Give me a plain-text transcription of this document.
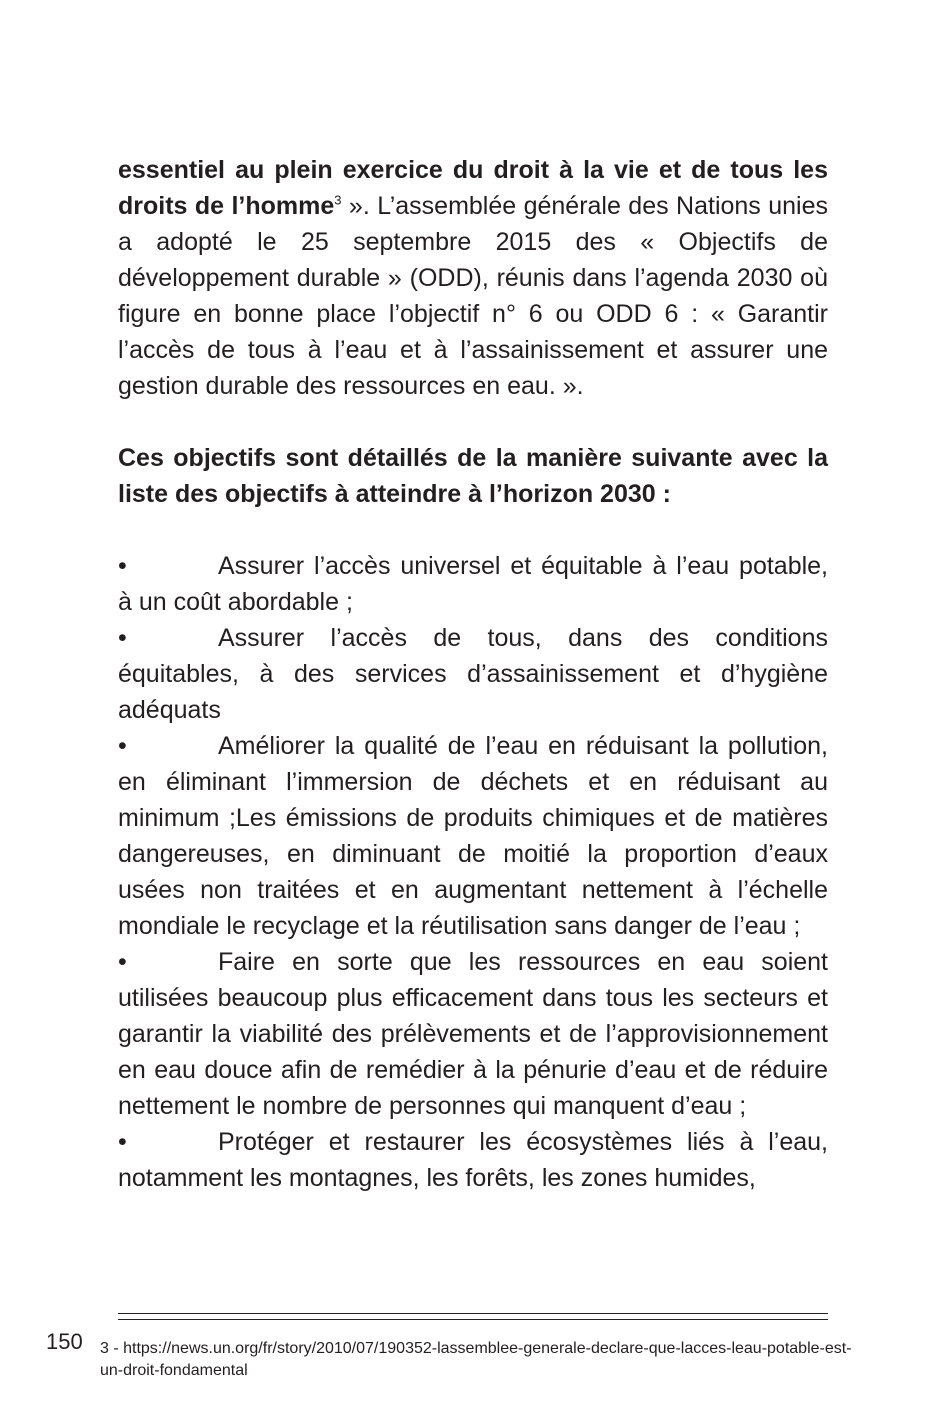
essentiel au plein exercice du droit à la vie et de tous les droits de l’homme$^3$ ». L’assemblée générale des Nations unies a adopté le 25 septembre 2015 des « Objectifs de développement durable » (ODD), réunis dans l’agenda 2030 où figure en bonne place l’objectif n° 6 ou ODD 6 : « Garantir l’accès de tous à l’eau et à l’assainissement et assurer une gestion durable des ressources en eau. ».

Ces objectifs sont détaillés de la manière suivante avec la liste des objectifs à atteindre à l’horizon 2030 :

•	Assurer l’accès universel et équitable à l’eau potable, à un coût abordable ;
•	Assurer l’accès de tous, dans des conditions équitables, à des services d’assainissement et d’hygiène adéquats
•	Améliorer la qualité de l’eau en réduisant la pollution, en éliminant l’immersion de déchets et en réduisant au minimum ;Les émissions de produits chimiques et de matières dangereuses, en diminuant de moitié la proportion d’eaux usées non traitées et en augmentant nettement à l’échelle mondiale le recyclage et la réutilisation sans danger de l’eau ;
•	Faire en sorte que les ressources en eau soient utilisées beaucoup plus efficacement dans tous les secteurs et garantir la viabilité des prélèvements et de l’approvisionnement en eau douce afin de remédier à la pénurie d’eau et de réduire nettement le nombre de personnes qui manquent d’eau ;
•	Protéger et restaurer les écosystèmes liés à l’eau, notamment les montagnes, les forêts, les zones humides,
150 3 - https://news.un.org/fr/story/2010/07/190352-lassemblee-generale-declare-que-lacces-leau-potable-est-un-droit-fondamental
